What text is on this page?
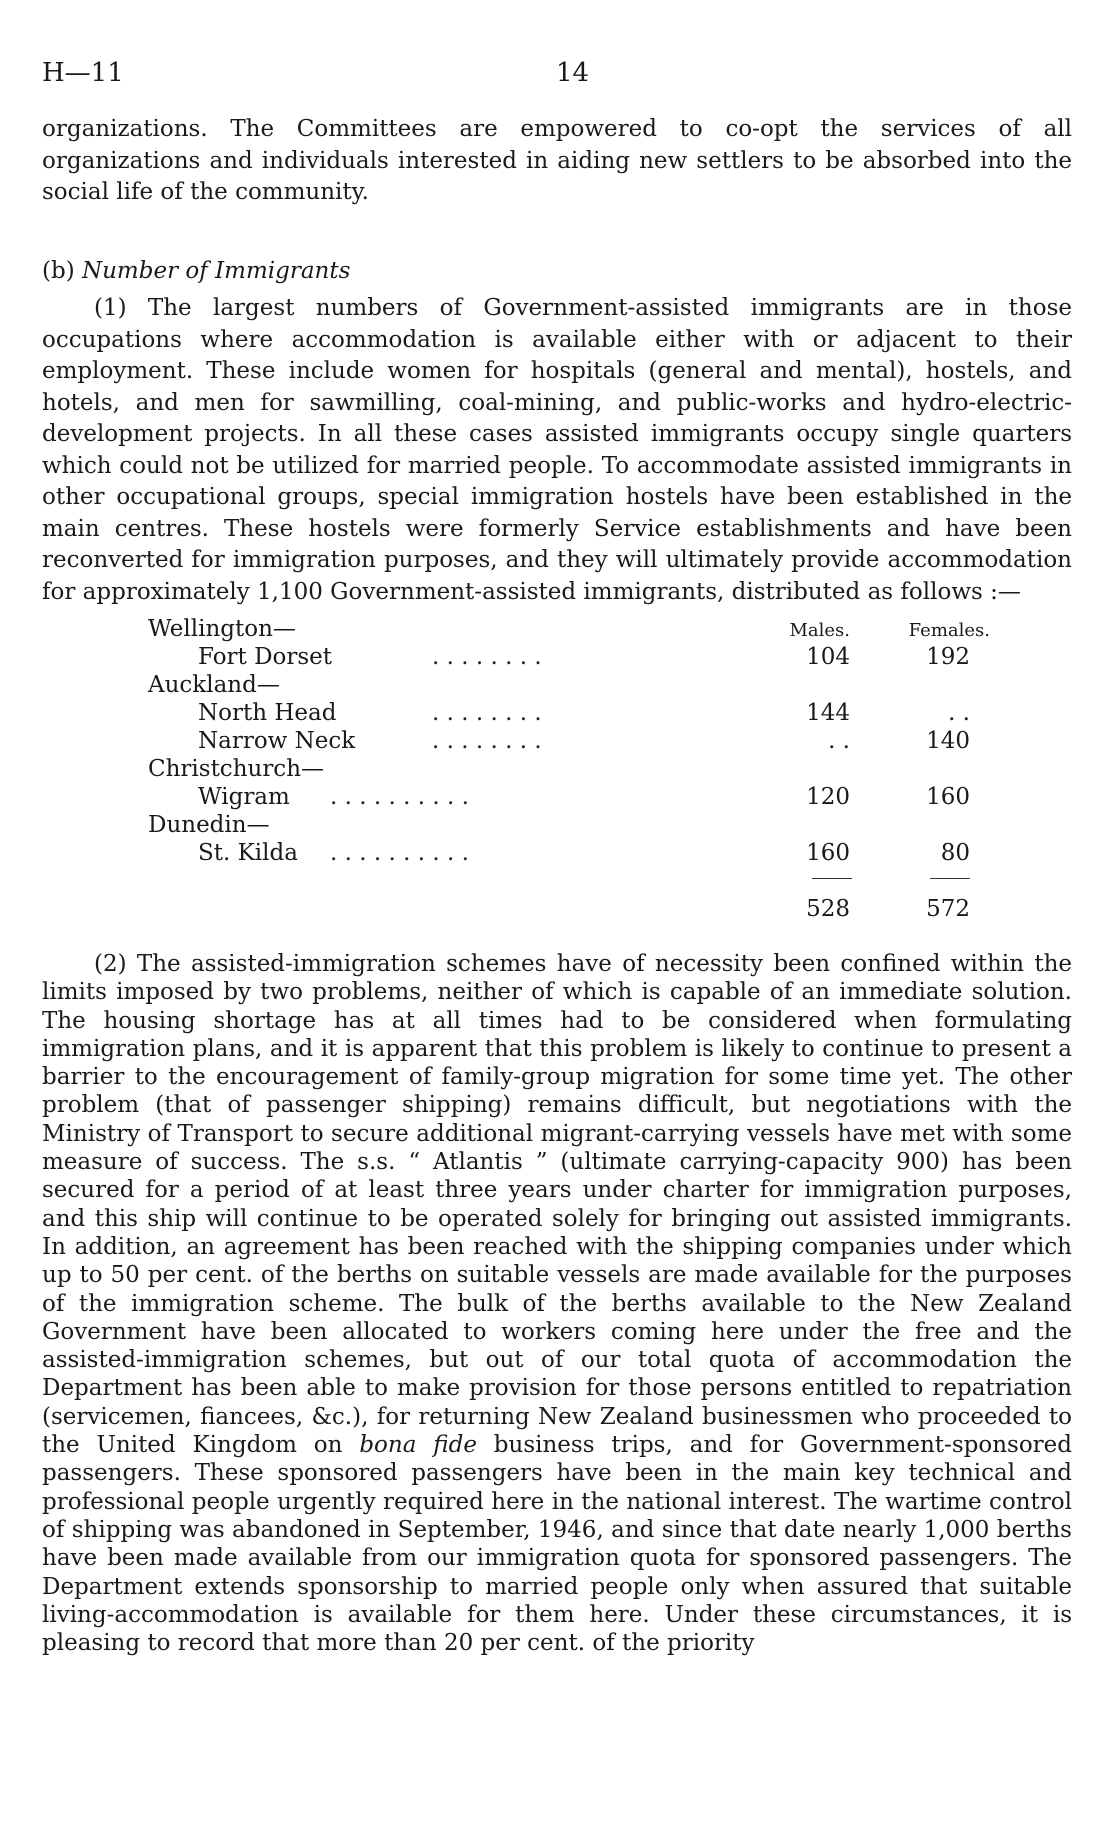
H—11	14

organizations. The Committees are empowered to co-opt the services of all organizations and individuals interested in aiding new settlers to be absorbed into the social life of the community.

(b) Number of Immigrants

(1) The largest numbers of Government-assisted immigrants are in those occupations where accommodation is available either with or adjacent to their employment. These include women for hospitals (general and mental), hostels, and hotels, and men for sawmilling, coal-mining, and public-works and hydro-electric-development projects. In all these cases assisted immigrants occupy single quarters which could not be utilized for married people. To accommodate assisted immigrants in other occupational groups, special immigration hostels have been established in the main centres. These hostels were formerly Service establishments and have been reconverted for immigration purposes, and they will ultimately provide accommodation for approximately 1,100 Government-assisted immigrants, distributed as follows :—

Wellington—	Males.	Females.
Fort Dorset	. . . . . . . .	104	192
Auckland—
North Head	. . . . . . . .	144	. .
Narrow Neck	. . . . . . . .	. .	140
Christchurch—
Wigram . . . . . . . . . .	120	160
Dunedin—
St. Kilda . . . . . . . . . .	160	80
528	572

(2) The assisted-immigration schemes have of necessity been confined within the limits imposed by two problems, neither of which is capable of an immediate solution. The housing shortage has at all times had to be considered when formulating immigration plans, and it is apparent that this problem is likely to continue to present a barrier to the encouragement of family-group migration for some time yet. The other problem (that of passenger shipping) remains difficult, but negotiations with the Ministry of Transport to secure additional migrant-carrying vessels have met with some measure of success. The s.s. “ Atlantis ” (ultimate carrying-capacity 900) has been secured for a period of at least three years under charter for immigration purposes, and this ship will continue to be operated solely for bringing out assisted immigrants. In addition, an agreement has been reached with the shipping companies under which up to 50 per cent. of the berths on suitable vessels are made available for the purposes of the immigration scheme. The bulk of the berths available to the New Zealand Government have been allocated to workers coming here under the free and the assisted-immigration schemes, but out of our total quota of accommodation the Department has been able to make provision for those persons entitled to repatriation (servicemen, fiancees, &c.), for returning New Zealand businessmen who proceeded to the United Kingdom on bona fide business trips, and for Government-sponsored passengers. These sponsored passengers have been in the main key technical and professional people urgently required here in the national interest. The wartime control of shipping was abandoned in September, 1946, and since that date nearly 1,000 berths have been made available from our immigration quota for sponsored passengers. The Department extends sponsorship to married people only when assured that suitable living-accommodation is available for them here. Under these circumstances, it is pleasing to record that more than 20 per cent. of the priority
